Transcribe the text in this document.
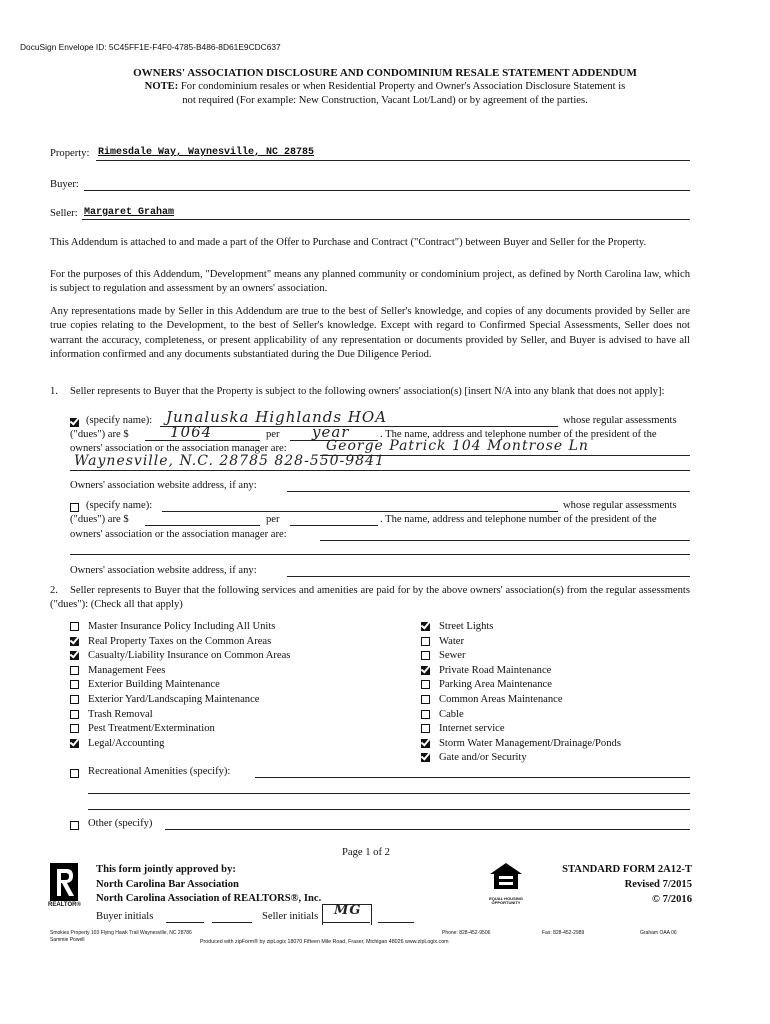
DocuSign Envelope ID: 5C45FF1E-F4F0-4785-B486-8D61E9CDC637
OWNERS' ASSOCIATION DISCLOSURE AND CONDOMINIUM RESALE STATEMENT ADDENDUM
NOTE: For condominium resales or when Residential Property and Owner's Association Disclosure Statement is
not required (For example: New Construction, Vacant Lot/Land) or by agreement of the parties.
Property: Rimesdale Way, Waynesville, NC 28785
Buyer:
Seller: Margaret Graham
This Addendum is attached to and made a part of the Offer to Purchase and Contract ("Contract") between Buyer and Seller for the Property.
For the purposes of this Addendum, "Development" means any planned community or condominium project, as defined by North Carolina law, which is subject to regulation and assessment by an owners' association.
Any representations made by Seller in this Addendum are true to the best of Seller's knowledge, and copies of any documents provided by Seller are true copies relating to the Development, to the best of Seller's knowledge. Except with regard to Confirmed Special Assessments, Seller does not warrant the accuracy, completeness, or present applicability of any representation or documents provided by Seller, and Buyer is advised to have all information confirmed and any documents substantiated during the Due Diligence Period.
1.	Seller represents to Buyer that the Property is subject to the following owners' association(s) [insert N/A into any blank that does not apply]:
(specify name): Junaluska Highlands HOA	whose regular assessments
("dues") are $	1064	per year	. The name, address and telephone number of the president of the
owners' association or the association manager are:	George Patrick 104 Montrose Ln
Waynesville, N.C. 28785 828-550-9841
Owners' association website address, if any:
(specify name):	whose regular assessments
("dues") are $	per	. The name, address and telephone number of the president of the
owners' association or the association manager are:
Owners' association website address, if any:
2.	Seller represents to Buyer that the following services and amenities are paid for by the above owners' association(s) from the regular assessments ("dues"): (Check all that apply)
Master Insurance Policy Including All Units
Real Property Taxes on the Common Areas
Casualty/Liability Insurance on Common Areas
Management Fees
Exterior Building Maintenance
Exterior Yard/Landscaping Maintenance
Trash Removal
Pest Treatment/Extermination
Legal/Accounting
Street Lights
Water
Sewer
Private Road Maintenance
Parking Area Maintenance
Common Areas Maintenance
Cable
Internet service
Storm Water Management/Drainage/Ponds
Gate and/or Security
Recreational Amenities (specify):
Other (specify)
Page 1 of 2
REALTOR®
This form jointly approved by:
North Carolina Bar Association
North Carolina Association of REALTORS®, Inc.	EQUAL HOUSING OPPORTUNITY
STANDARD FORM 2A12-T
Revised 7/2015
© 7/2016
Buyer initials	Seller initials MG
Smokies Property 103 Flying Hawk Trail Waynesville, NC 28786
Sammie Powell
Phone: 828-452-9506	Fax: 828-452-2989	Graham OAA 06
Produced with zipForm® by zipLogix 18070 Fifteen Mile Road, Fraser, Michigan 48026 www.zipLogix.com
